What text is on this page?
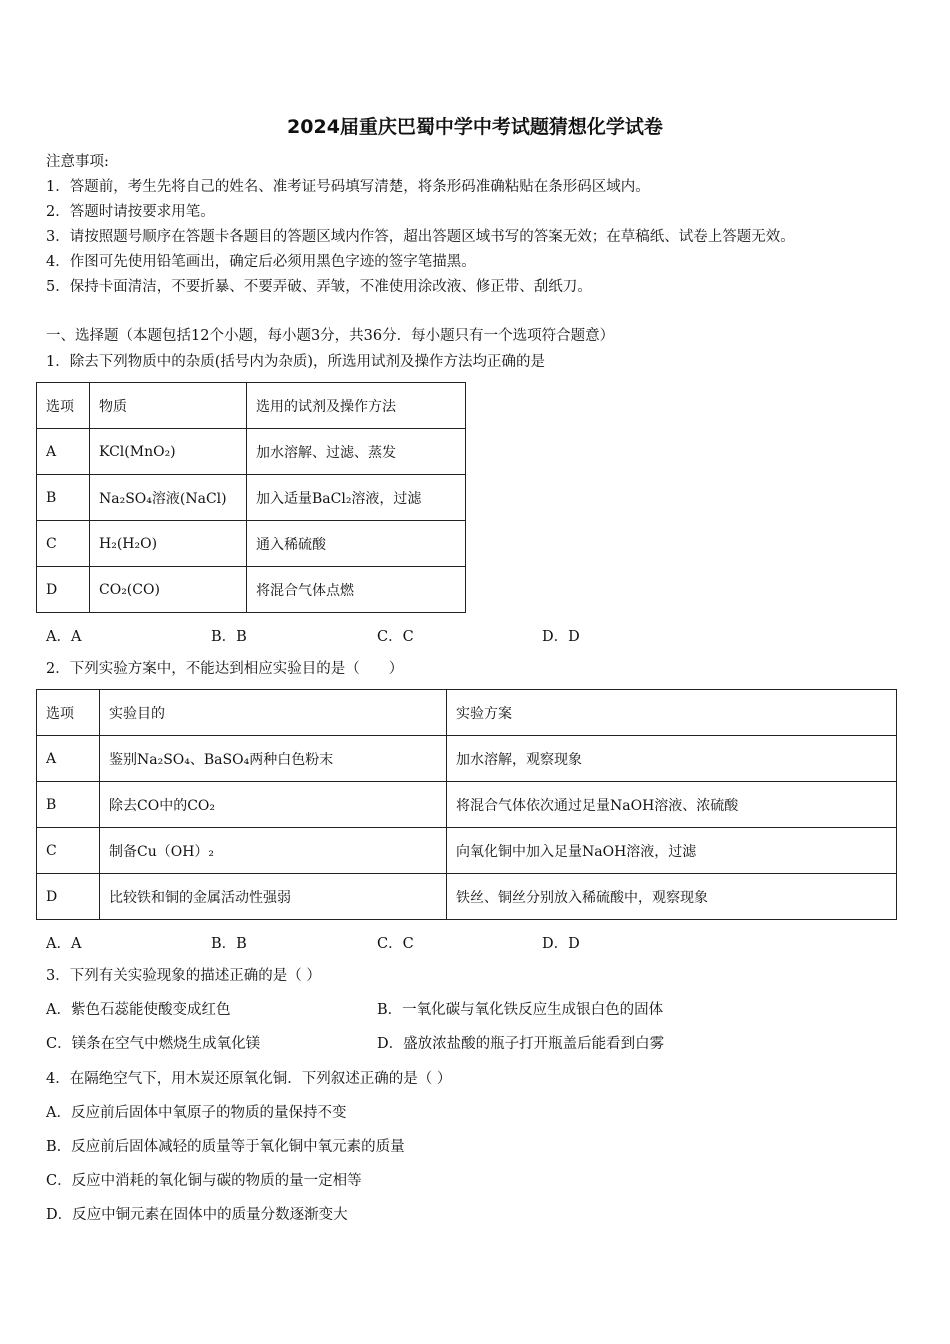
2024届重庆巴蜀中学中考试题猜想化学试卷
注意事项:
1．答题前，考生先将自己的姓名、准考证号码填写清楚，将条形码准确粘贴在条形码区域内。
2．答题时请按要求用笔。
3．请按照题号顺序在答题卡各题目的答题区域内作答，超出答题区域书写的答案无效；在草稿纸、试卷上答题无效。
4．作图可先使用铅笔画出，确定后必须用黑色字迹的签字笔描黑。
5．保持卡面清洁，不要折暴、不要弄破、弄皱，不准使用涂改液、修正带、刮纸刀。
一、选择题（本题包括12个小题，每小题3分，共36分．每小题只有一个选项符合题意）
1．除去下列物质中的杂质(括号内为杂质)，所选用试剂及操作方法均正确的是
选项	物质	选用的试剂及操作方法
A	KCl(MnO₂)	加水溶解、过滤、蒸发
B	Na₂SO₄溶液(NaCl)	加入适量BaCl₂溶液，过滤
C	H₂(H₂O)	通入稀硫酸
D	CO₂(CO)	将混合气体点燃
A．A	B．B	C．C	D．D
2．下列实验方案中，不能达到相应实验目的是（　　）
选项	实验目的	实验方案
A	鉴别Na₂SO₄、BaSO₄两种白色粉末	加水溶解，观察现象
B	除去CO中的CO₂	将混合气体依次通过足量NaOH溶液、浓硫酸
C	制备Cu（OH）₂	向氧化铜中加入足量NaOH溶液，过滤
D	比较铁和铜的金属活动性强弱	铁丝、铜丝分别放入稀硫酸中，观察现象
A．A	B．B	C．C	D．D
3．下列有关实验现象的描述正确的是（ ）
A．紫色石蕊能使酸变成红色	B．一氧化碳与氧化铁反应生成银白色的固体
C．镁条在空气中燃烧生成氧化镁	D．盛放浓盐酸的瓶子打开瓶盖后能看到白雾
4．在隔绝空气下，用木炭还原氧化铜．下列叙述正确的是（ ）
A．反应前后固体中氧原子的物质的量保持不变
B．反应前后固体减轻的质量等于氧化铜中氧元素的质量
C．反应中消耗的氧化铜与碳的物质的量一定相等
D．反应中铜元素在固体中的质量分数逐渐变大
